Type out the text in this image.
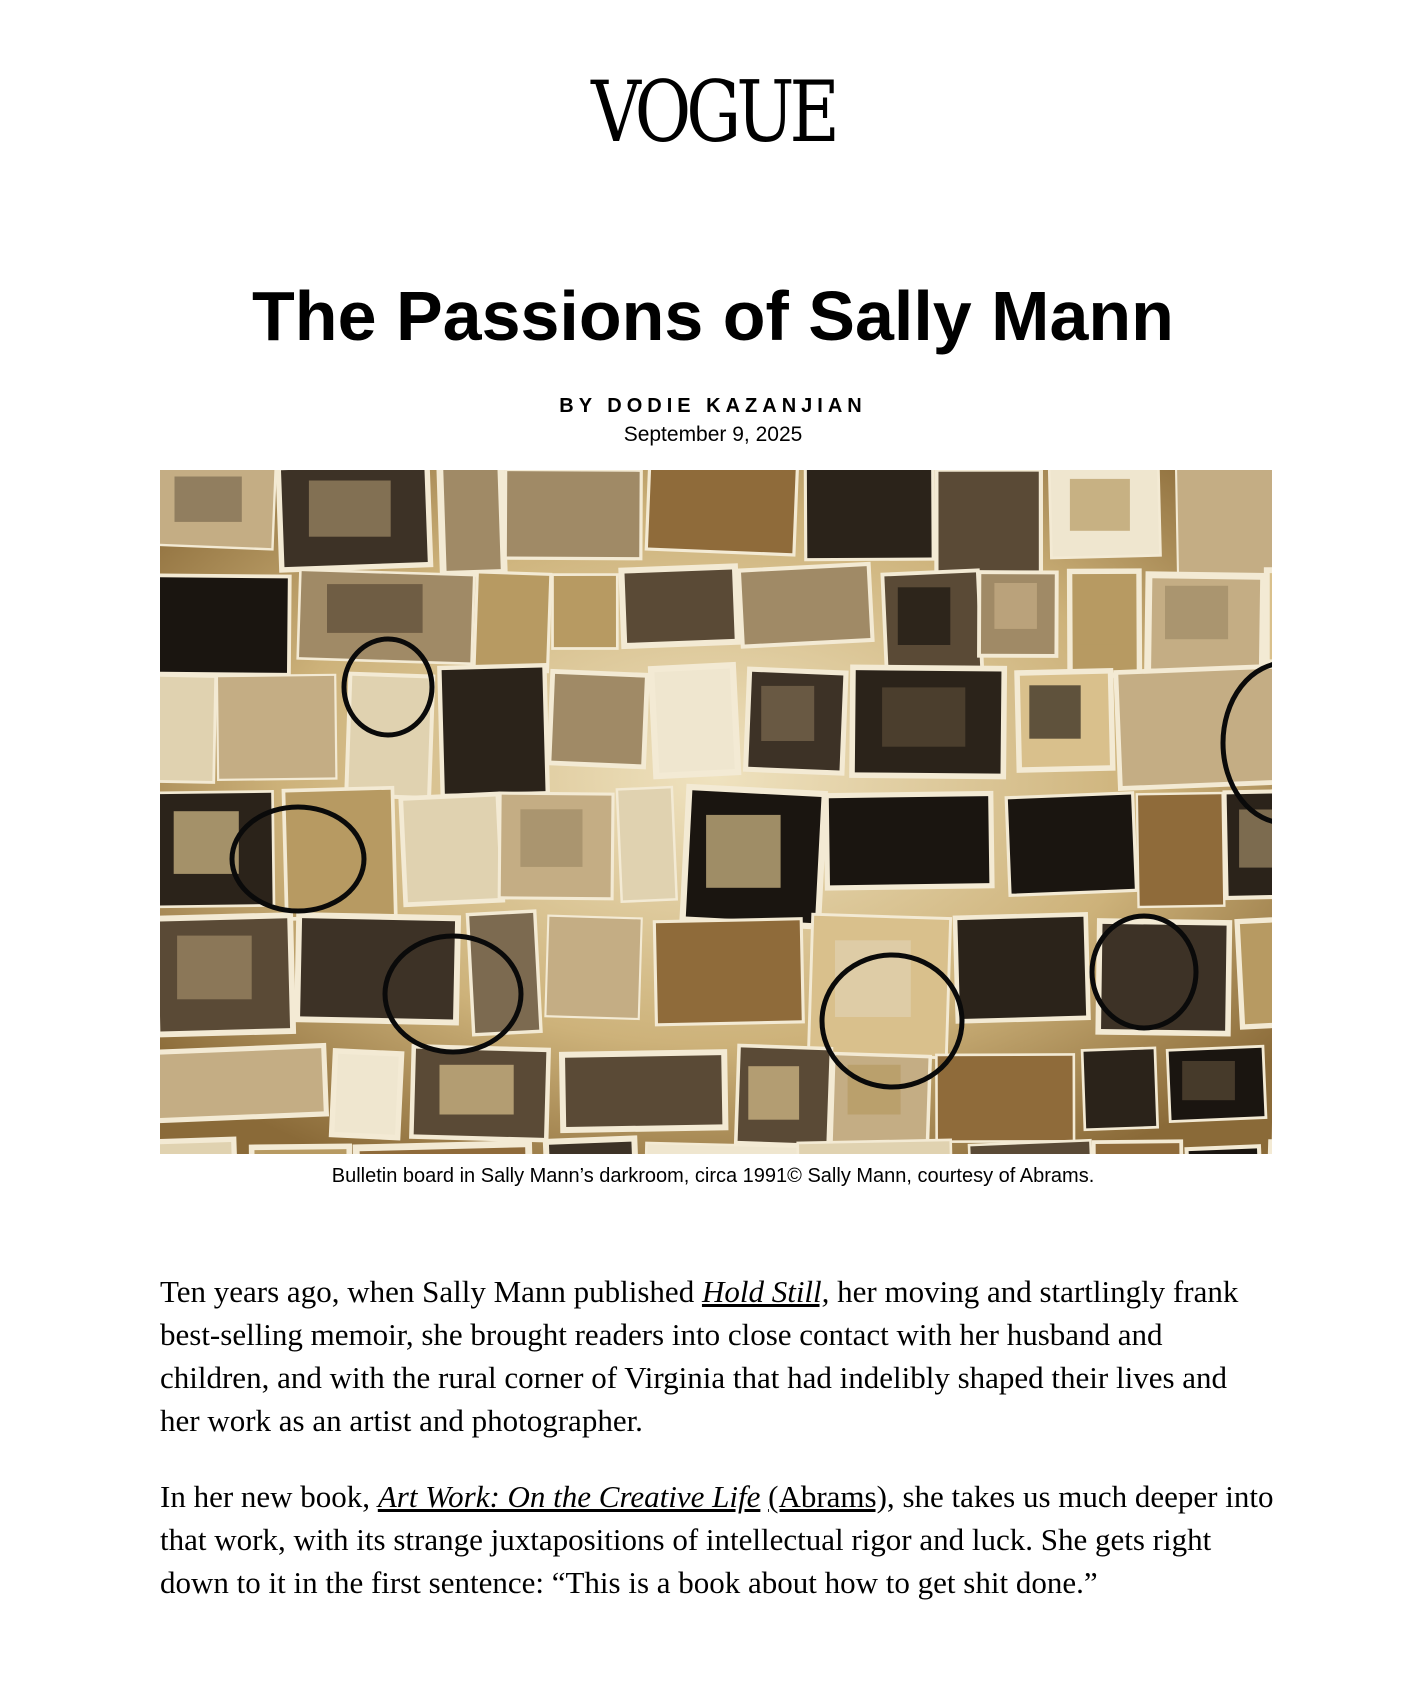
VOGUE
The Passions of Sally Mann
BY DODIE KAZANJIAN
September 9, 2025
Bulletin board in Sally Mann’s darkroom, circa 1991© Sally Mann, courtesy of Abrams.

Ten years ago, when Sally Mann published Hold Still, her moving and startlingly frank best-selling memoir, she brought readers into close contact with her husband and children, and with the rural corner of Virginia that had indelibly shaped their lives and her work as an artist and photographer.

In her new book, Art Work: On the Creative Life (Abrams), she takes us much deeper into that work, with its strange juxtapositions of intellectual rigor and luck. She gets right down to it in the first sentence: “This is a book about how to get shit done.”
